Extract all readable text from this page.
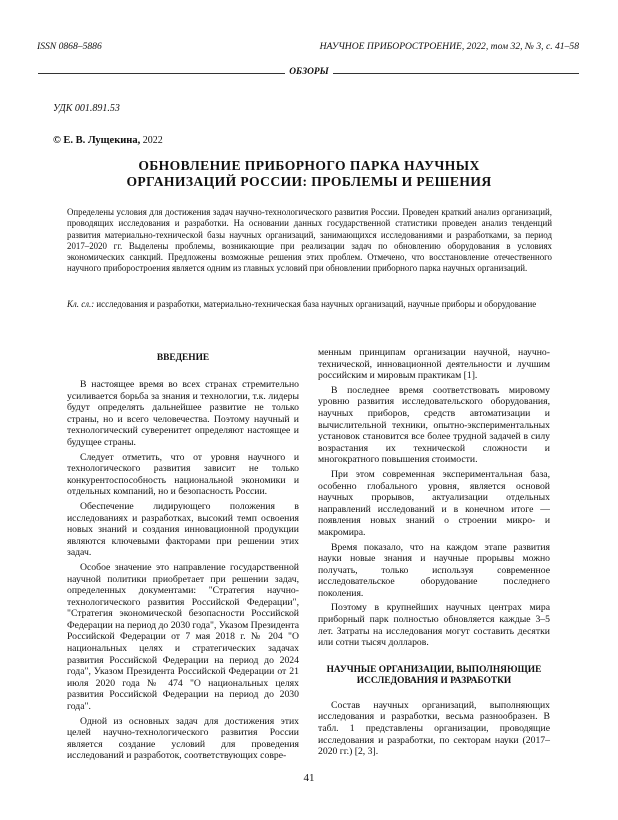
ISSN 0868–5886	НАУЧНОЕ ПРИБОРОСТРОЕНИЕ, 2022, том 32, № 3, с. 41–58
ОБЗОРЫ
УДК 001.891.53
© Е. В. Лущекина, 2022
ОБНОВЛЕНИЕ ПРИБОРНОГО ПАРКА НАУЧНЫХ
ОРГАНИЗАЦИЙ РОССИИ: ПРОБЛЕМЫ И РЕШЕНИЯ
Определены условия для достижения задач научно-технологического развития России. Проведен краткий анализ организаций, проводящих исследования и разработки. На основании данных государственной статистики проведен анализ тенденций развития материально-технической базы научных организаций, занимающихся исследованиями и разработками, за период 2017–2020 гг. Выделены проблемы, возникающие при реализации задач по обновлению оборудования в условиях экономических санкций. Предложены возможные решения этих проблем. Отмечено, что восстановление отечественного научного приборостроения является одним из главных условий при обновлении приборного парка научных организаций.
Кл. сл.: исследования и разработки, материально-техническая база научных организаций, научные приборы и оборудование
ВВЕДЕНИЕ

В настоящее время во всех странах стремительно усиливается борьба за знания и технологии, т.к. лидеры будут определять дальнейшее развитие не только страны, но и всего человечества. Поэтому научный и технологический суверенитет определяют настоящее и будущее страны.

Следует отметить, что от уровня научного и технологического развития зависит не только конкурентоспособность национальной экономики и отдельных компаний, но и безопасность России.

Обеспечение лидирующего положения в исследованиях и разработках, высокий темп освоения новых знаний и создания инновационной продукции являются ключевыми факторами при решении этих задач.

Особое значение это направление государственной научной политики приобретает при решении задач, определенных документами: "Стратегия научно-технологического развития Российской Федерации", "Стратегия экономической безопасности Российской Федерации на период до 2030 года", Указом Президента Российской Федерации от 7 мая 2018 г. № 204 "О национальных целях и стратегических задачах развития Российской Федерации на период до 2024 года", Указом Президента Российской Федерации от 21 июля 2020 года № 474 "О национальных целях развития Российской Федерации на период до 2030 года".

Одной из основных задач для достижения этих целей научно-технологического развития России является создание условий для проведения исследований и разработок, соответствующих совре-

менным принципам организации научной, научно-технической, инновационной деятельности и лучшим российским и мировым практикам [1].

В последнее время соответствовать мировому уровню развития исследовательского оборудования, научных приборов, средств автоматизации и вычислительной техники, опытно-экспериментальных установок становится все более трудной задачей в силу возрастания их технической сложности и многократного повышения стоимости.

При этом современная экспериментальная база, особенно глобального уровня, является основой научных прорывов, актуализации отдельных направлений исследований и в конечном итоге — появления новых знаний о строении микро- и макромира.

Время показало, что на каждом этапе развития науки новые знания и научные прорывы можно получать, только используя современное исследовательское оборудование последнего поколения.

Поэтому в крупнейших научных центрах мира приборный парк полностью обновляется каждые 3–5 лет. Затраты на исследования могут составить десятки или сотни тысяч долларов.

НАУЧНЫЕ ОРГАНИЗАЦИИ, ВЫПОЛНЯЮЩИЕ ИССЛЕДОВАНИЯ И РАЗРАБОТКИ

Состав научных организаций, выполняющих исследования и разработки, весьма разнообразен. В табл. 1 представлены организации, проводящие исследования и разработки, по секторам науки (2017–2020 гг.) [2, 3].

41
